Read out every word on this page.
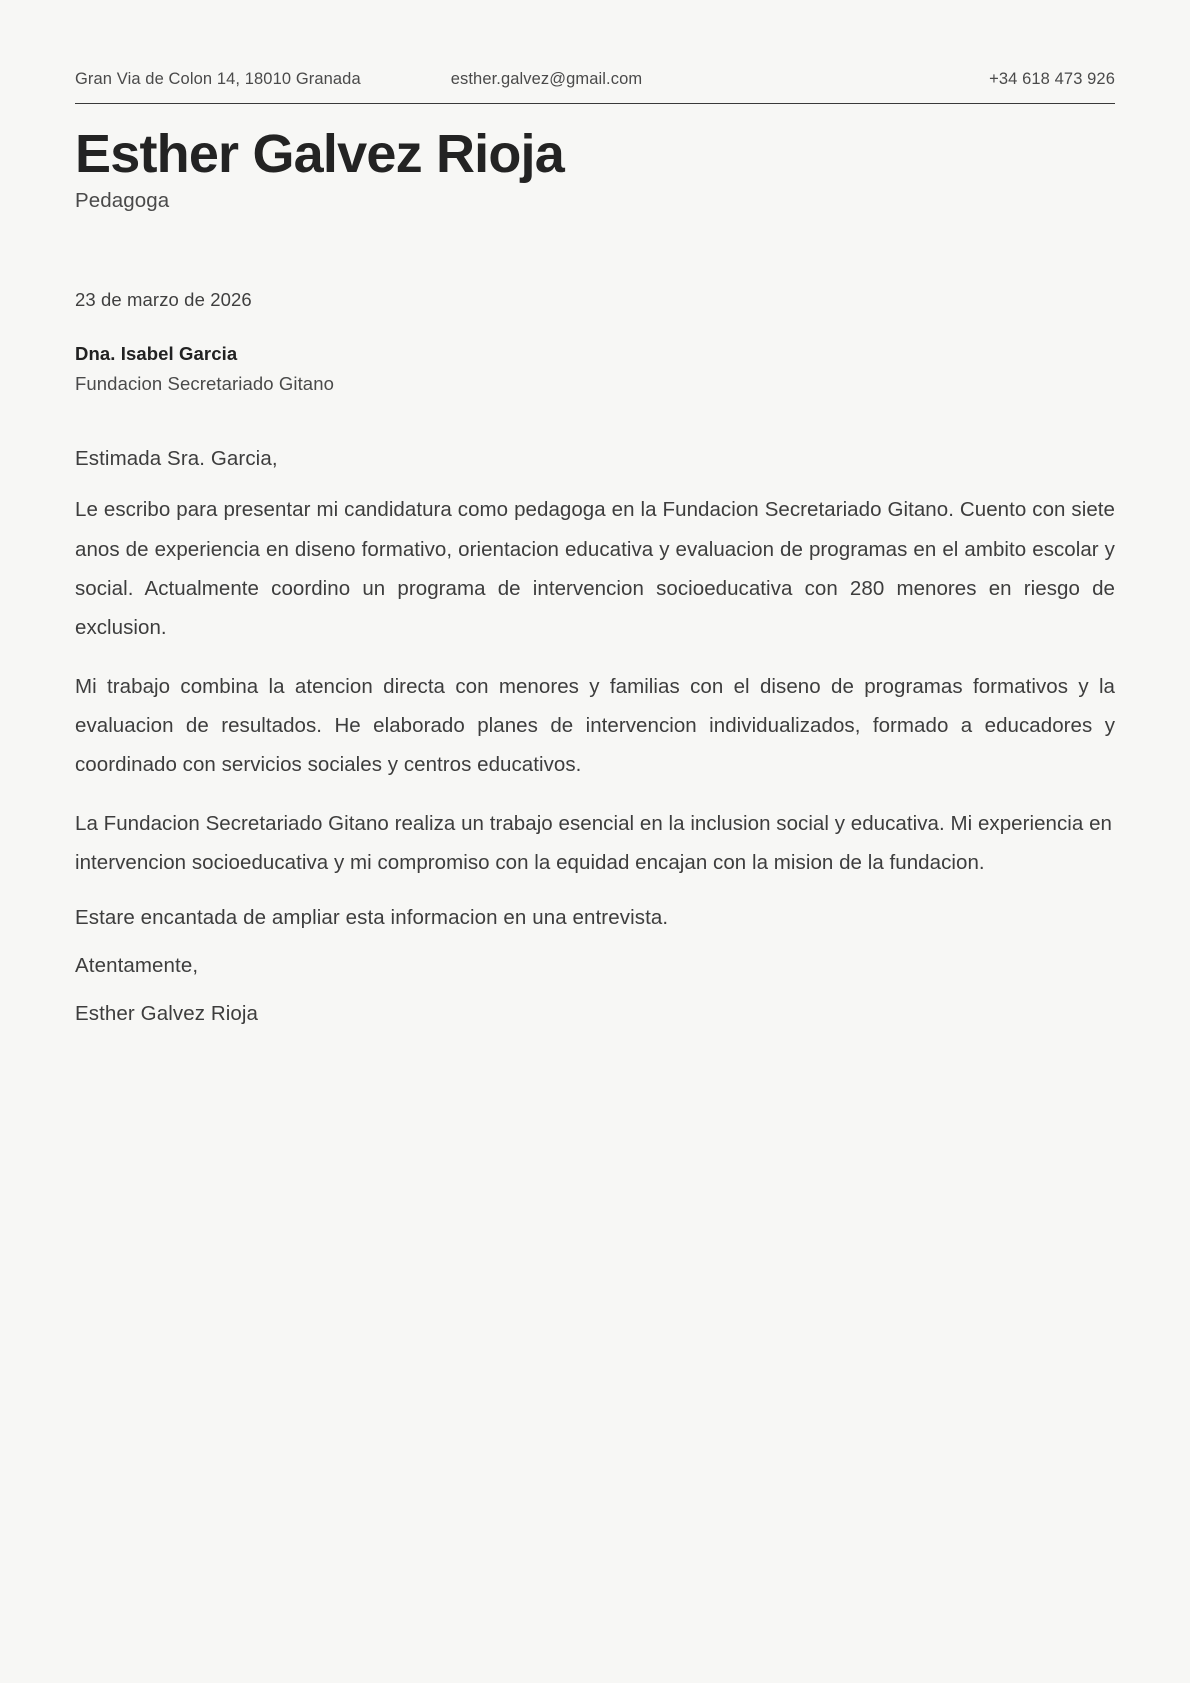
Gran Via de Colon 14, 18010 Granada	esther.galvez@gmail.com	+34 618 473 926
Esther Galvez Rioja
Pedagoga
23 de marzo de 2026
Dna. Isabel Garcia
Fundacion Secretariado Gitano
Estimada Sra. Garcia,

Le escribo para presentar mi candidatura como pedagoga en la Fundacion Secretariado Gitano. Cuento con siete anos de experiencia en diseno formativo, orientacion educativa y evaluacion de programas en el ambito escolar y social. Actualmente coordino un programa de intervencion socioeducativa con 280 menores en riesgo de exclusion.

Mi trabajo combina la atencion directa con menores y familias con el diseno de programas formativos y la evaluacion de resultados. He elaborado planes de intervencion individualizados, formado a educadores y coordinado con servicios sociales y centros educativos.

La Fundacion Secretariado Gitano realiza un trabajo esencial en la inclusion social y educativa. Mi experiencia en intervencion socioeducativa y mi compromiso con la equidad encajan con la mision de la fundacion.

Estare encantada de ampliar esta informacion en una entrevista.
Atentamente,
Esther Galvez Rioja
